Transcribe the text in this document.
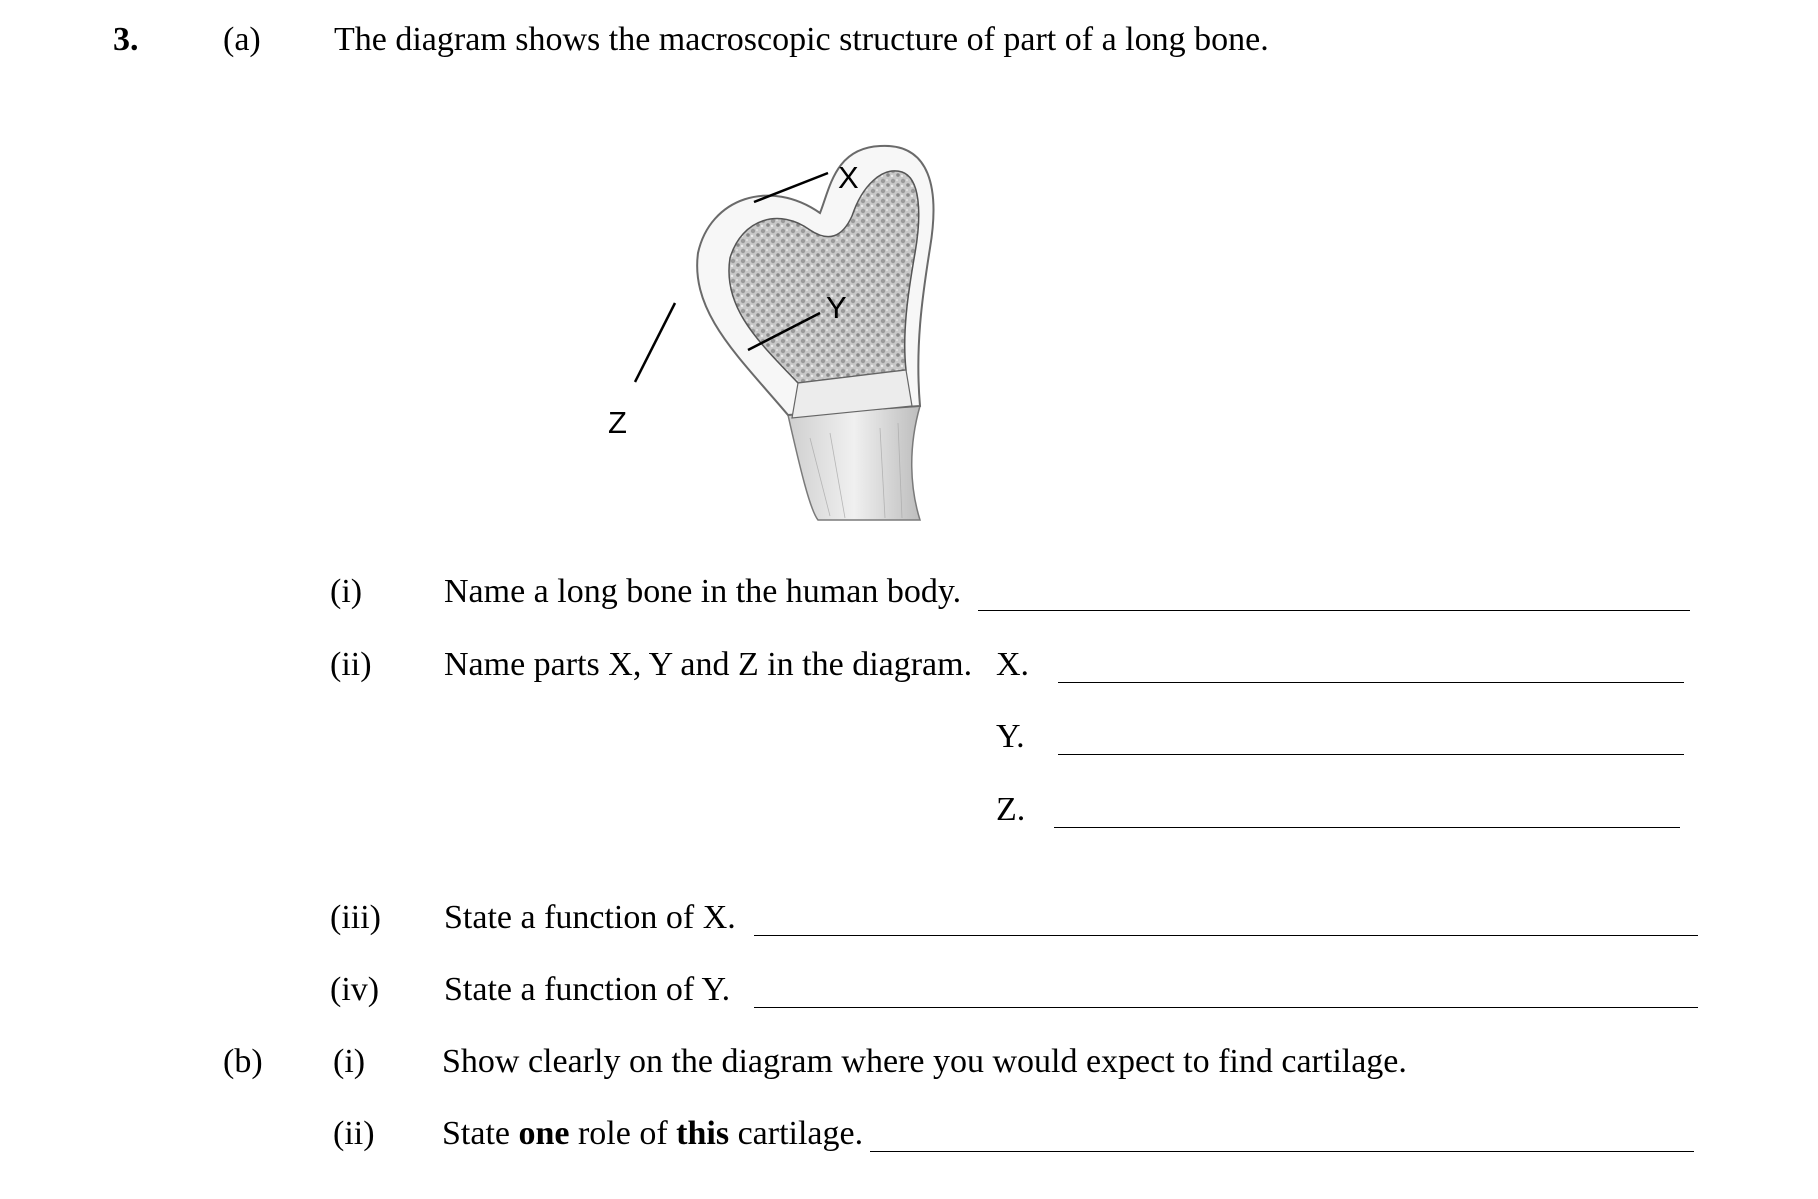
3. (a) The diagram shows the macroscopic structure of part of a long bone.
X
Y
Z
(i) Name a long bone in the human body.
(ii) Name parts X, Y and Z in the diagram. X.
Y.
Z.
(iii) State a function of X.
(iv) State a function of Y.
(b) (i) Show clearly on the diagram where you would expect to find cartilage.
(ii) State one role of this cartilage.
